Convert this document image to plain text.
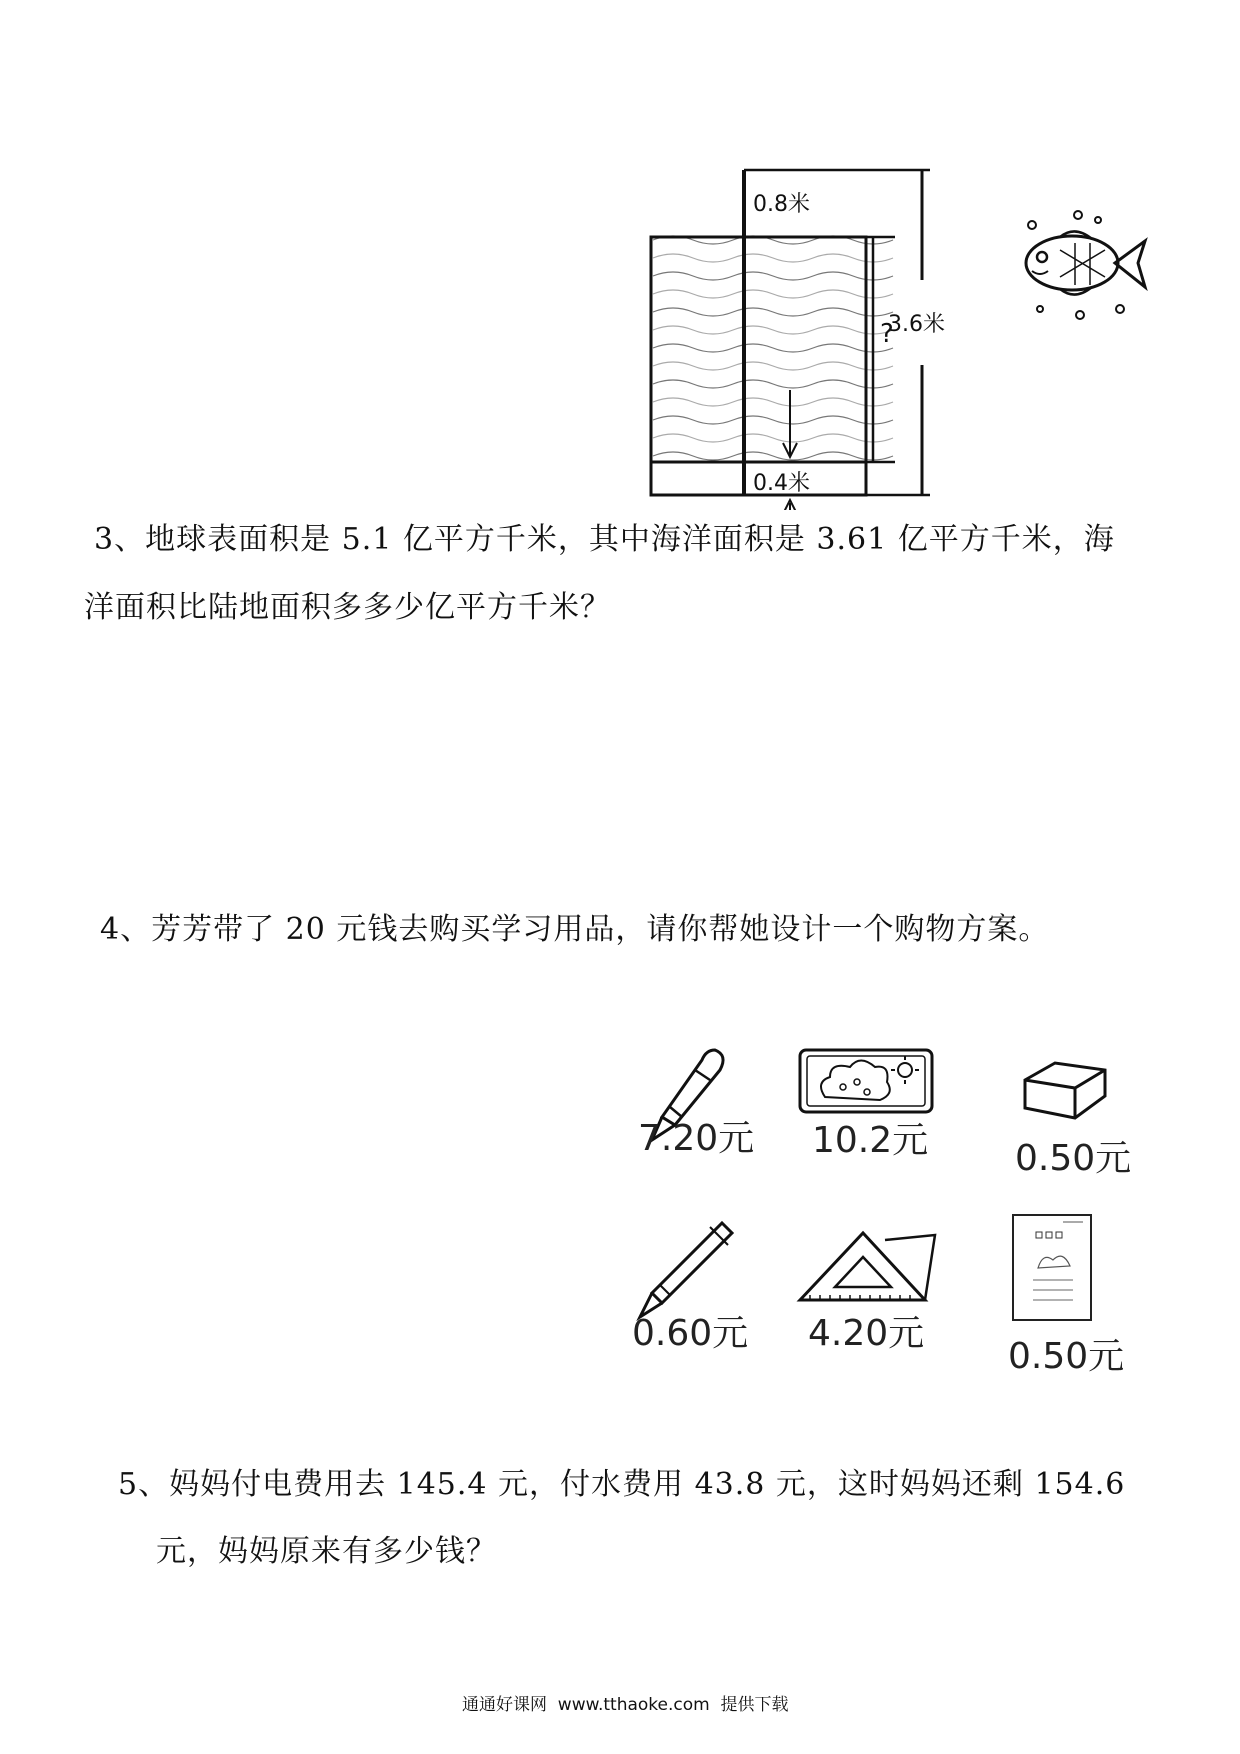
0.8米
3.6米
?
0.4米
3、地球表面积是 5.1 亿平方千米，其中海洋面积是 3.61 亿平方千米，海
洋面积比陆地面积多多少亿平方千米？
4、芳芳带了 20 元钱去购买学习用品，请你帮她设计一个购物方案。
7.20元 10.2元 0.50元
0.60元 4.20元
0.50元
5、妈妈付电费用去 145.4 元，付水费用 43.8 元，这时妈妈还剩 154.6
元，妈妈原来有多少钱？
通通好课网  www.tthaoke.com  提供下载
